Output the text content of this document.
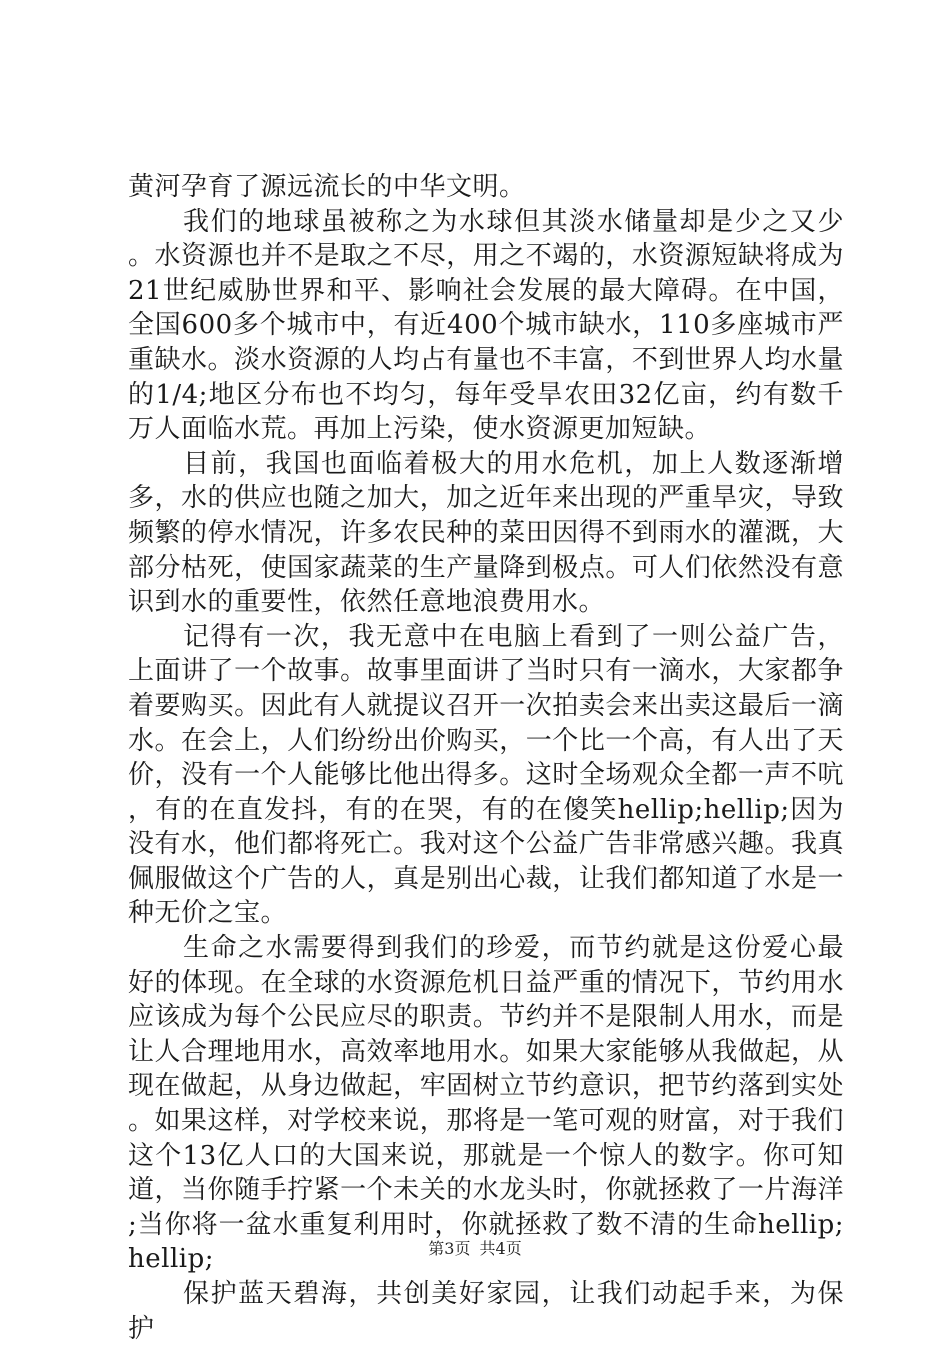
黄河孕育了源远流长的中华文明。

我们的地球虽被称之为水球但其淡水储量却是少之又少。水资源也并不是取之不尽，用之不竭的，水资源短缺将成为21世纪威胁世界和平、影响社会发展的最大障碍。在中国，全国600多个城市中，有近400个城市缺水，110多座城市严重缺水。淡水资源的人均占有量也不丰富，不到世界人均水量的1/4;地区分布也不均匀，每年受旱农田32亿亩，约有数千万人面临水荒。再加上污染，使水资源更加短缺。

目前，我国也面临着极大的用水危机，加上人数逐渐增多，水的供应也随之加大，加之近年来出现的严重旱灾，导致频繁的停水情况，许多农民种的菜田因得不到雨水的灌溉，大部分枯死，使国家蔬菜的生产量降到极点。可人们依然没有意识到水的重要性，依然任意地浪费用水。

记得有一次，我无意中在电脑上看到了一则公益广告，上面讲了一个故事。故事里面讲了当时只有一滴水，大家都争着要购买。因此有人就提议召开一次拍卖会来出卖这最后一滴水。在会上，人们纷纷出价购买，一个比一个高，有人出了天价，没有一个人能够比他出得多。这时全场观众全都一声不吭，有的在直发抖，有的在哭，有的在傻笑hellip;hellip;因为没有水，他们都将死亡。我对这个公益广告非常感兴趣。我真佩服做这个广告的人，真是别出心裁，让我们都知道了水是一种无价之宝。

生命之水需要得到我们的珍爱，而节约就是这份爱心最好的体现。在全球的水资源危机日益严重的情况下，节约用水应该成为每个公民应尽的职责。节约并不是限制人用水，而是让人合理地用水，高效率地用水。如果大家能够从我做起，从现在做起，从身边做起，牢固树立节约意识，把节约落到实处。如果这样，对学校来说，那将是一笔可观的财富，对于我们这个13亿人口的大国来说，那就是一个惊人的数字。你可知道，当你随手拧紧一个未关的水龙头时，你就拯救了一片海洋;当你将一盆水重复利用时，你就拯救了数不清的生命hellip;hellip;

保护蓝天碧海，共创美好家园，让我们动起手来，为保护

第3页 共4页
